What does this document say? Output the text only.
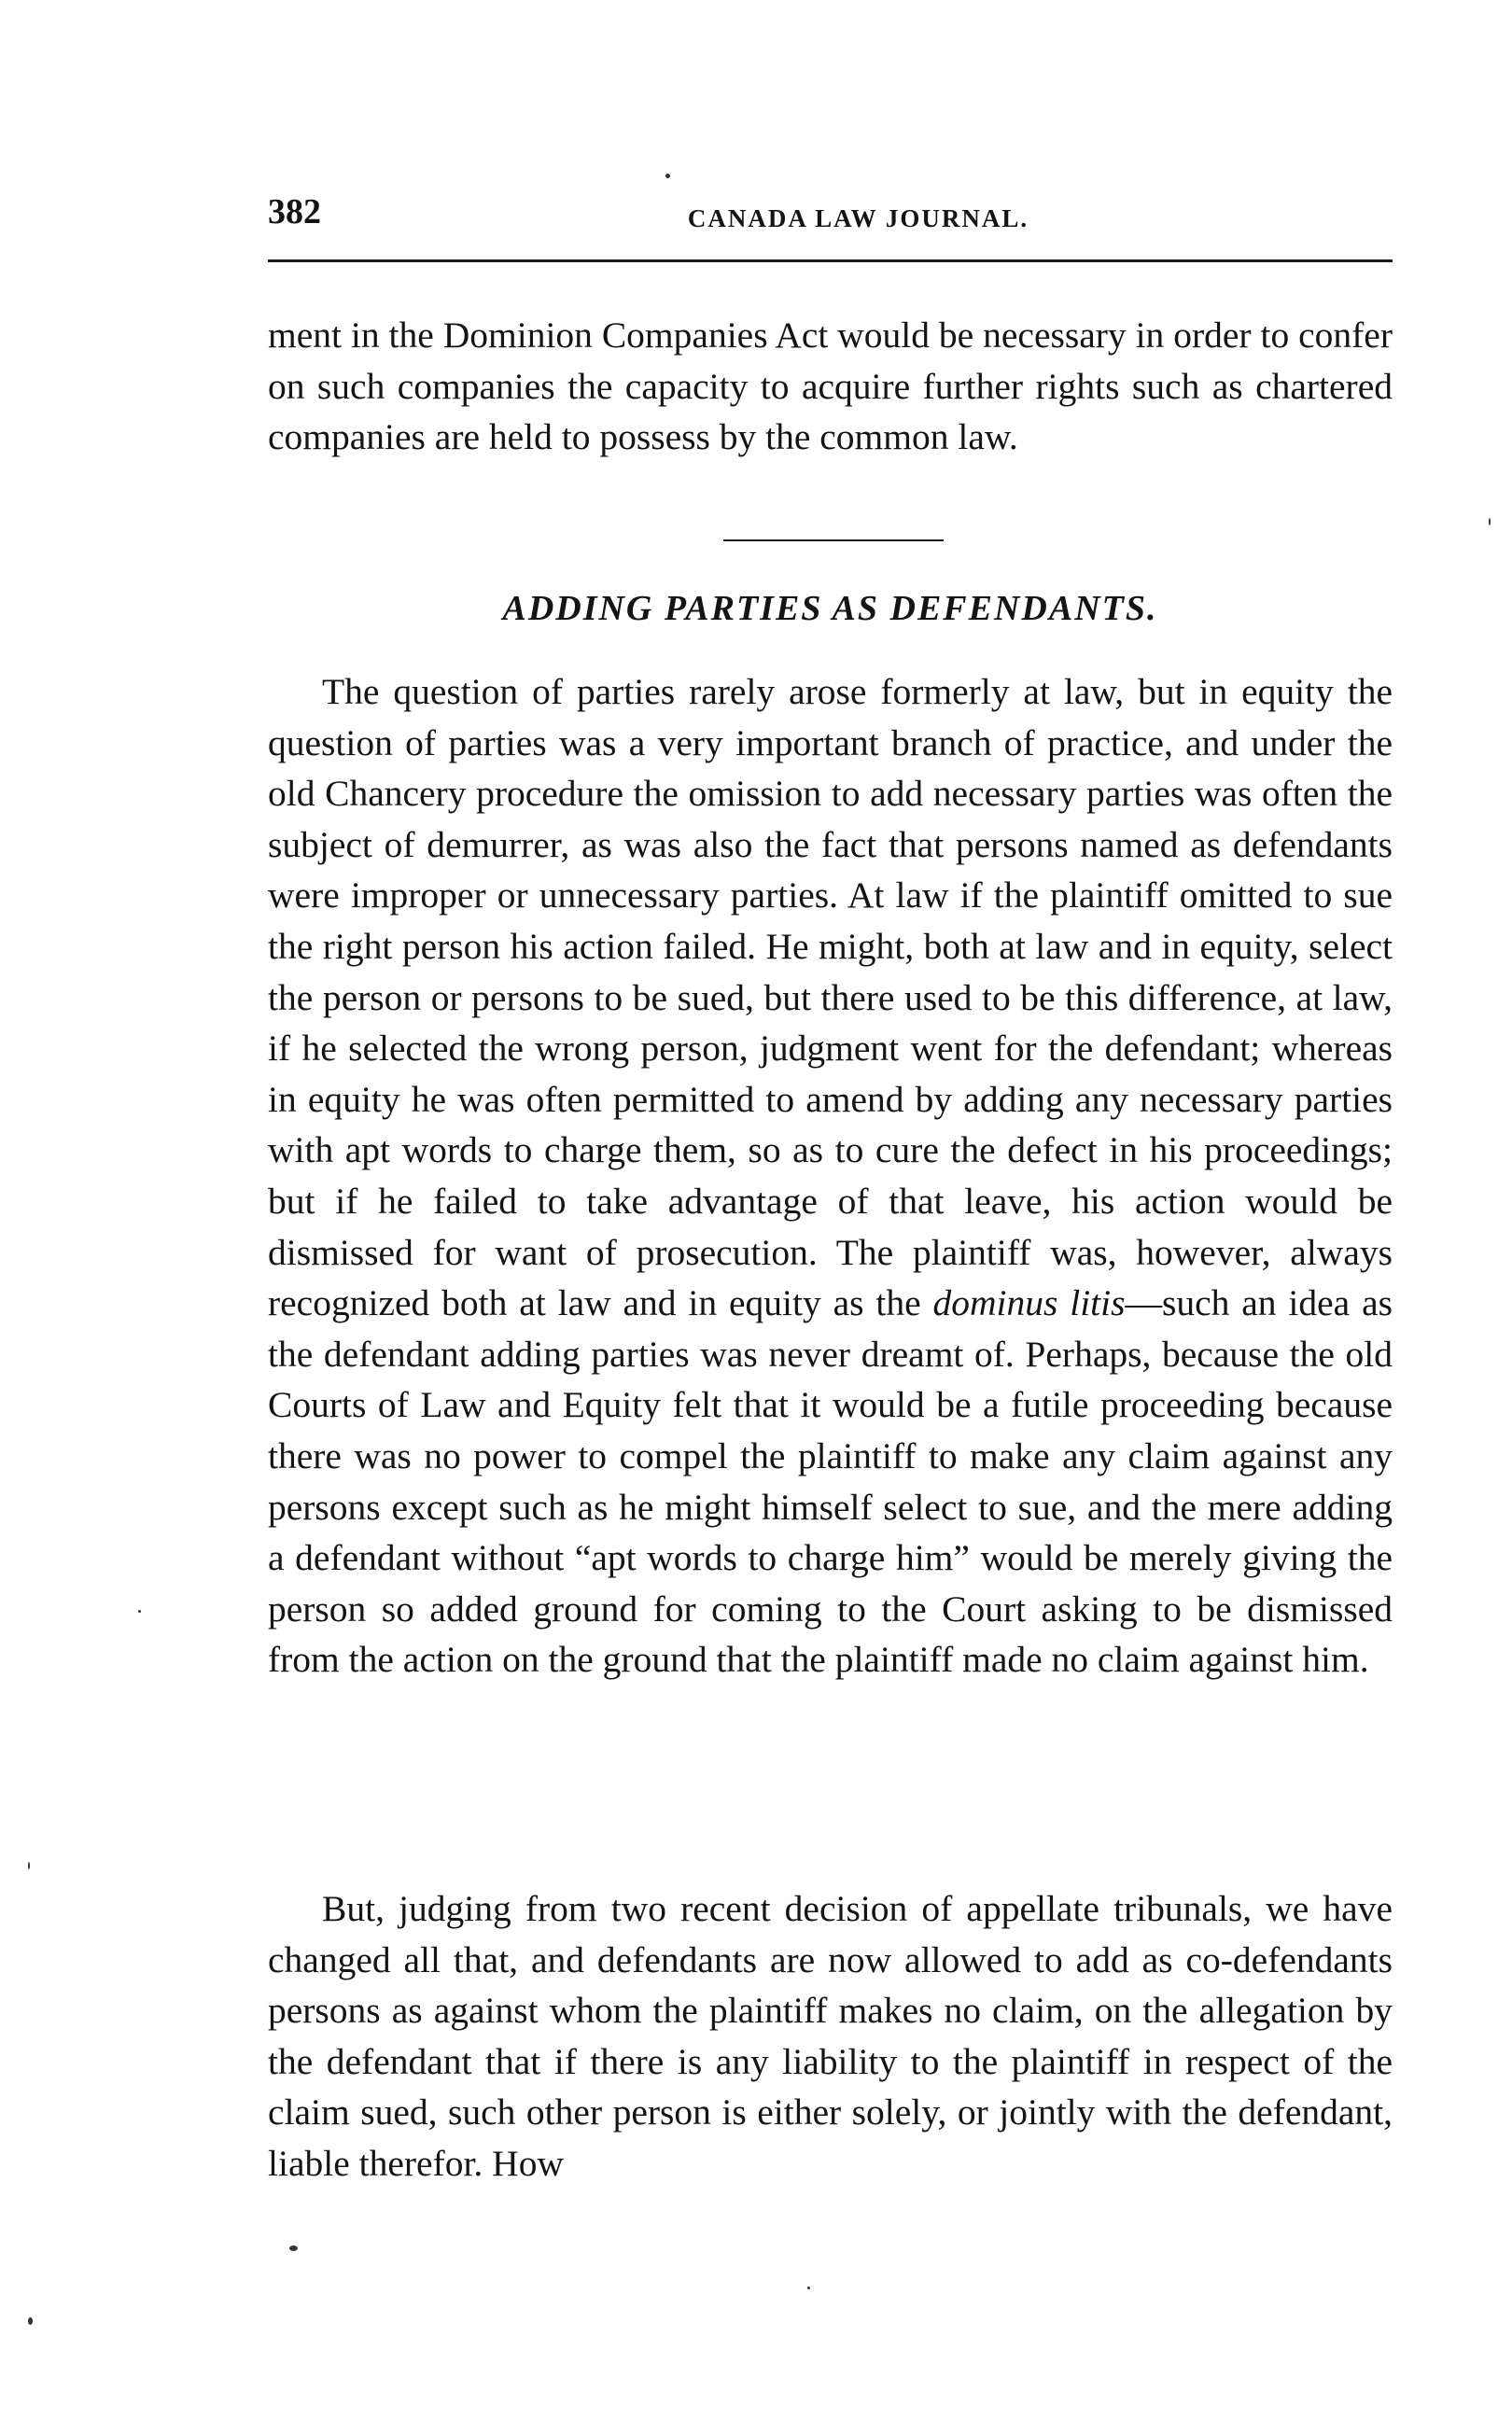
382	CANADA LAW JOURNAL.

ment in the Dominion Companies Act would be necessary in order to confer on such companies the capacity to acquire further rights such as chartered companies are held to possess by the common law.

ADDING PARTIES AS DEFENDANTS.

The question of parties rarely arose formerly at law, but in equity the question of parties was a very important branch of practice, and under the old Chancery procedure the omission to add necessary parties was often the subject of demurrer, as was also the fact that persons named as defendants were improper or unnecessary parties. At law if the plaintiff omitted to sue the right person his action failed. He might, both at law and in equity, select the person or persons to be sued, but there used to be this difference, at law, if he selected the wrong person, judgment went for the defendant; whereas in equity he was often permitted to amend by adding any necessary parties with apt words to charge them, so as to cure the defect in his proceedings; but if he failed to take advantage of that leave, his action would be dismissed for want of prosecution. The plaintiff was, however, always recognized both at law and in equity as the dominus litis—such an idea as the defendant adding parties was never dreamt of. Perhaps, because the old Courts of Law and Equity felt that it would be a futile proceeding because there was no power to compel the plaintiff to make any claim against any persons except such as he might himself select to sue, and the mere adding a defendant without “apt words to charge him” would be merely giving the person so added ground for coming to the Court asking to be dismissed from the action on the ground that the plaintiff made no claim against him.

But, judging from two recent decision of appellate tribunals, we have changed all that, and defendants are now allowed to add as co-defendants persons as against whom the plaintiff makes no claim, on the allegation by the defendant that if there is any liability to the plaintiff in respect of the claim sued, such other person is either solely, or jointly with the defendant, liable therefor. How
